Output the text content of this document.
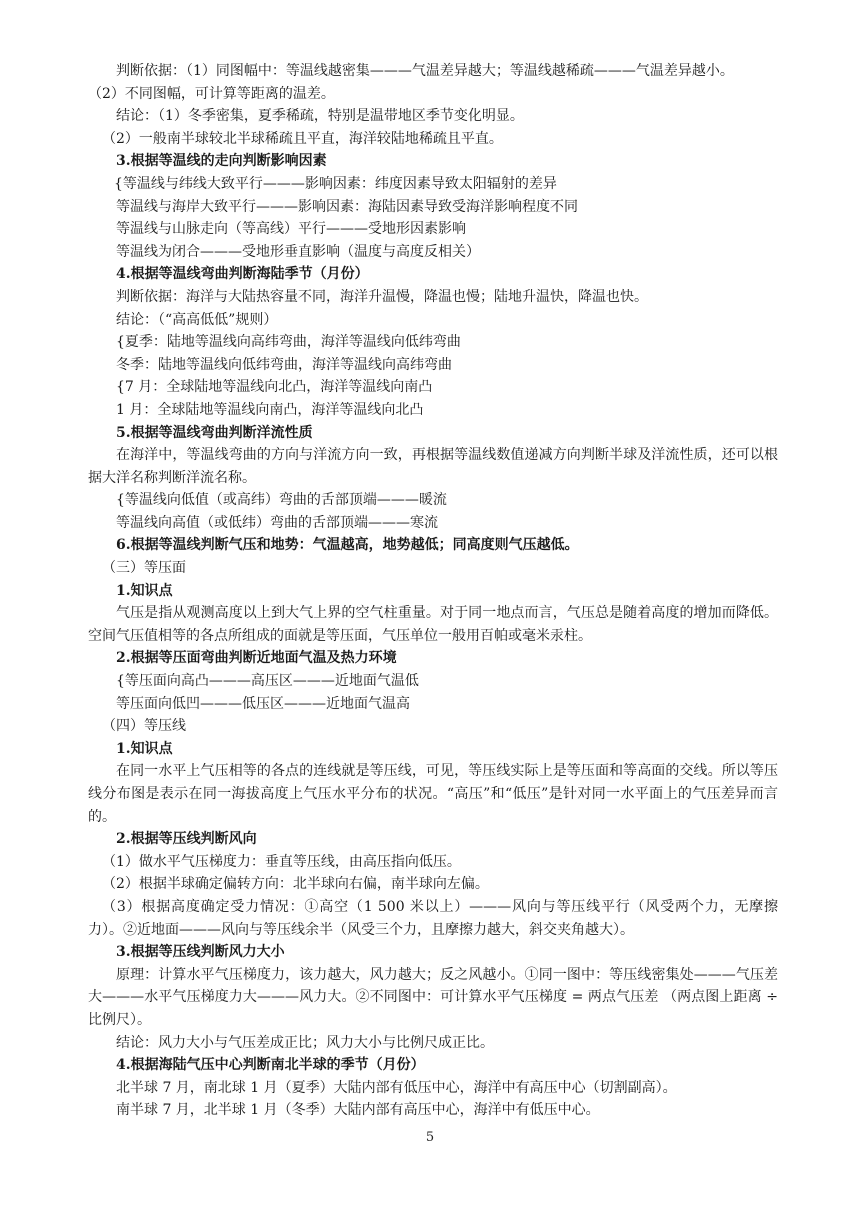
判断依据：（1）同图幅中：等温线越密集———气温差异越大；等温线越稀疏———气温差异越小。
（2）不同图幅，可计算等距离的温差。
结论：（1）冬季密集，夏季稀疏，特别是温带地区季节变化明显。
（2）一般南半球较北半球稀疏且平直，海洋较陆地稀疏且平直。
3.根据等温线的走向判断影响因素
{等温线与纬线大致平行———影响因素：纬度因素导致太阳辐射的差异
等温线与海岸大致平行———影响因素：海陆因素导致受海洋影响程度不同
等温线与山脉走向（等高线）平行———受地形因素影响
等温线为闭合———受地形垂直影响（温度与高度反相关）
4.根据等温线弯曲判断海陆季节（月份）
判断依据：海洋与大陆热容量不同，海洋升温慢，降温也慢；陆地升温快，降温也快。
结论：（“高高低低”规则）
{夏季：陆地等温线向高纬弯曲，海洋等温线向低纬弯曲
冬季：陆地等温线向低纬弯曲，海洋等温线向高纬弯曲
{7 月：全球陆地等温线向北凸，海洋等温线向南凸
1 月：全球陆地等温线向南凸，海洋等温线向北凸
5.根据等温线弯曲判断洋流性质
在海洋中，等温线弯曲的方向与洋流方向一致，再根据等温线数值递减方向判断半球及洋流性质，还可以根据大洋名称判断洋流名称。
{等温线向低值（或高纬）弯曲的舌部顶端———暖流
等温线向高值（或低纬）弯曲的舌部顶端———寒流
6.根据等温线判断气压和地势：气温越高，地势越低；同高度则气压越低。
（三）等压面
1.知识点
气压是指从观测高度以上到大气上界的空气柱重量。对于同一地点而言，气压总是随着高度的增加而降低。空间气压值相等的各点所组成的面就是等压面，气压单位一般用百帕或毫米汞柱。
2.根据等压面弯曲判断近地面气温及热力环境
{等压面向高凸———高压区———近地面气温低
等压面向低凹———低压区———近地面气温高
（四）等压线
1.知识点
在同一水平上气压相等的各点的连线就是等压线，可见，等压线实际上是等压面和等高面的交线。所以等压线分布图是表示在同一海拔高度上气压水平分布的状况。“高压”和“低压”是针对同一水平面上的气压差异而言的。
2.根据等压线判断风向
（1）做水平气压梯度力：垂直等压线，由高压指向低压。
（2）根据半球确定偏转方向：北半球向右偏，南半球向左偏。
（3）根据高度确定受力情况：①高空（1 500 米以上）———风向与等压线平行（风受两个力，无摩擦力）。②近地面———风向与等压线余半（风受三个力，且摩擦力越大，斜交夹角越大）。
3.根据等压线判断风力大小
原理：计算水平气压梯度力，该力越大，风力越大；反之风越小。①同一图中：等压线密集处———气压差大———水平气压梯度力大———风力大。②不同图中：可计算水平气压梯度 = 两点气压差 （两点图上距离 ÷ 比例尺）。
结论：风力大小与气压差成正比；风力大小与比例尺成正比。
4.根据海陆气压中心判断南北半球的季节（月份）
北半球 7 月，南北球 1 月（夏季）大陆内部有低压中心，海洋中有高压中心（切割副高）。
南半球 7 月，北半球 1 月（冬季）大陆内部有高压中心，海洋中有低压中心。
5
